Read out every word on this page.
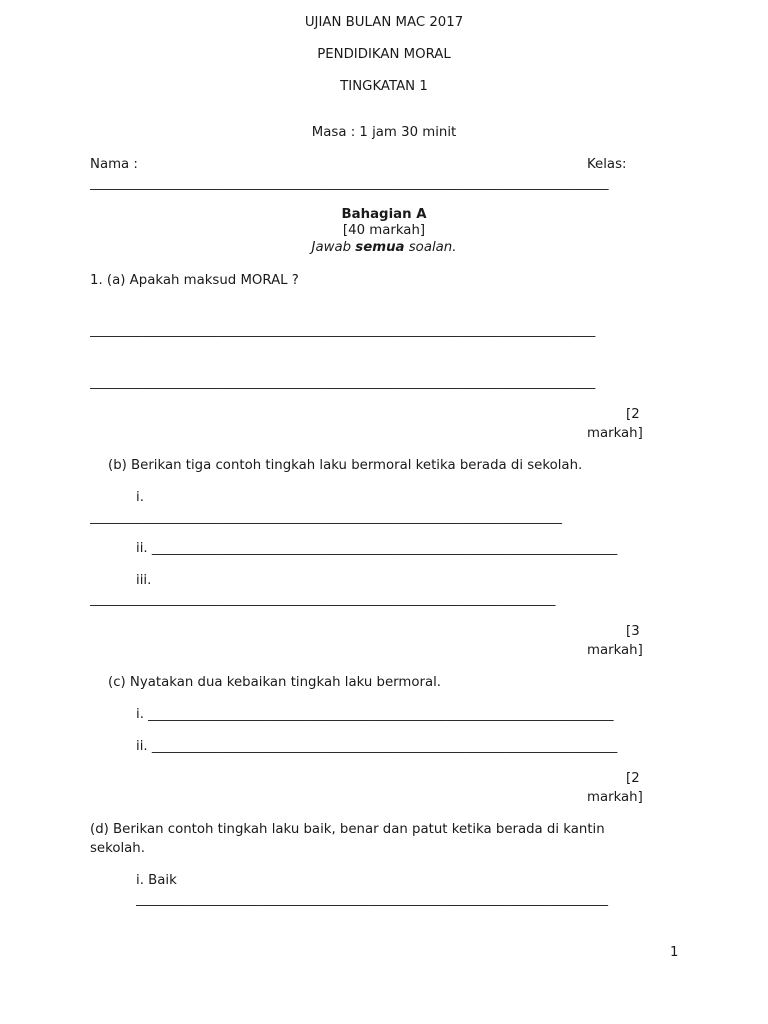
UJIAN BULAN MAC 2017
PENDIDIKAN MORAL
TINGKATAN 1
Masa : 1 jam 30 minit
Nama :	Kelas:
______________________________________________________________________________
Bahagian A
[40 markah]
Jawab semua soalan.
1. (a) Apakah maksud MORAL ?
____________________________________________________________________________
____________________________________________________________________________
[2
markah]
(b) Berikan tiga contoh tingkah laku bermoral ketika berada di sekolah.
i.
_______________________________________________________________________
ii. ______________________________________________________________________
iii.
______________________________________________________________________
[3
markah]
(c) Nyatakan dua kebaikan tingkah laku bermoral.
i. ______________________________________________________________________
ii. ______________________________________________________________________
[2
markah]
(d) Berikan contoh tingkah laku baik, benar dan patut ketika berada di kantin
sekolah.
i. Baik
_______________________________________________________________________
1
